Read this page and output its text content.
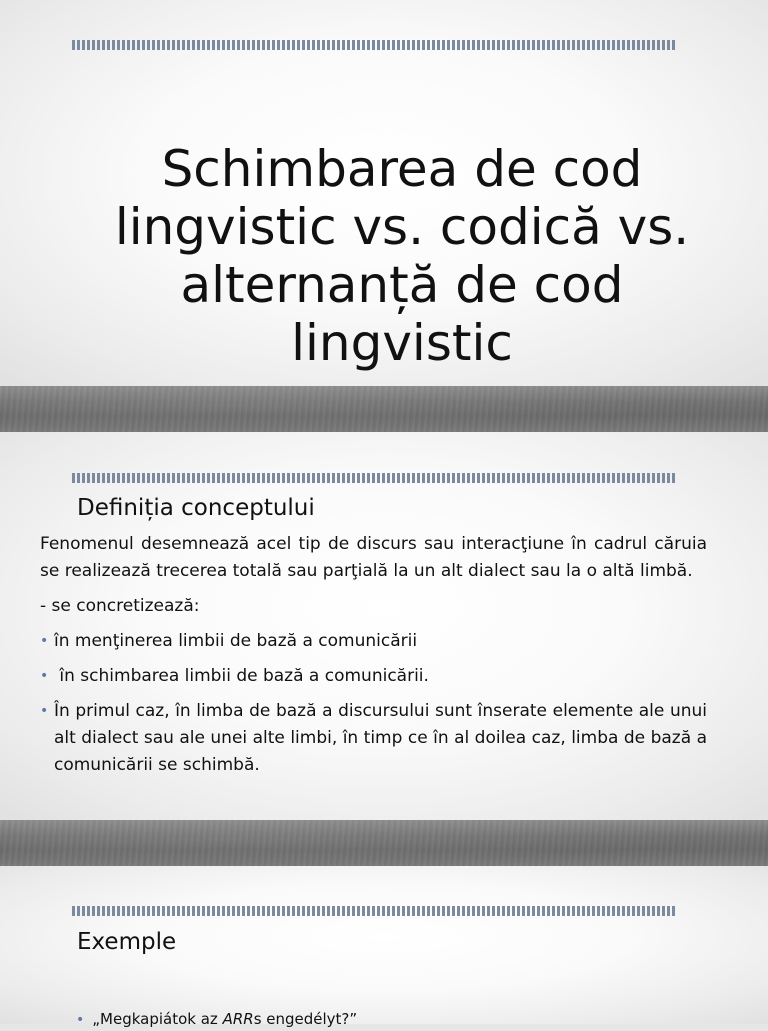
Schimbarea de cod lingvistic vs. codică vs. alternanță de cod lingvistic
Definiția conceptului

Fenomenul desemnează acel tip de discurs sau interacţiune în cadrul căruia se realizează trecerea totală sau parţială la un alt dialect sau la o altă limbă.

- se concretizează:

• în menţinerea limbii de bază a comunicării
• în schimbarea limbii de bază a comunicării.
• În primul caz, în limba de bază a discursului sunt înserate elemente ale unui alt dialect sau ale unei alte limbi, în timp ce în al doilea caz, limba de bază a comunicării se schimbă.
Exemple
• „Megkapiátok az ARRs engedélyt?”
